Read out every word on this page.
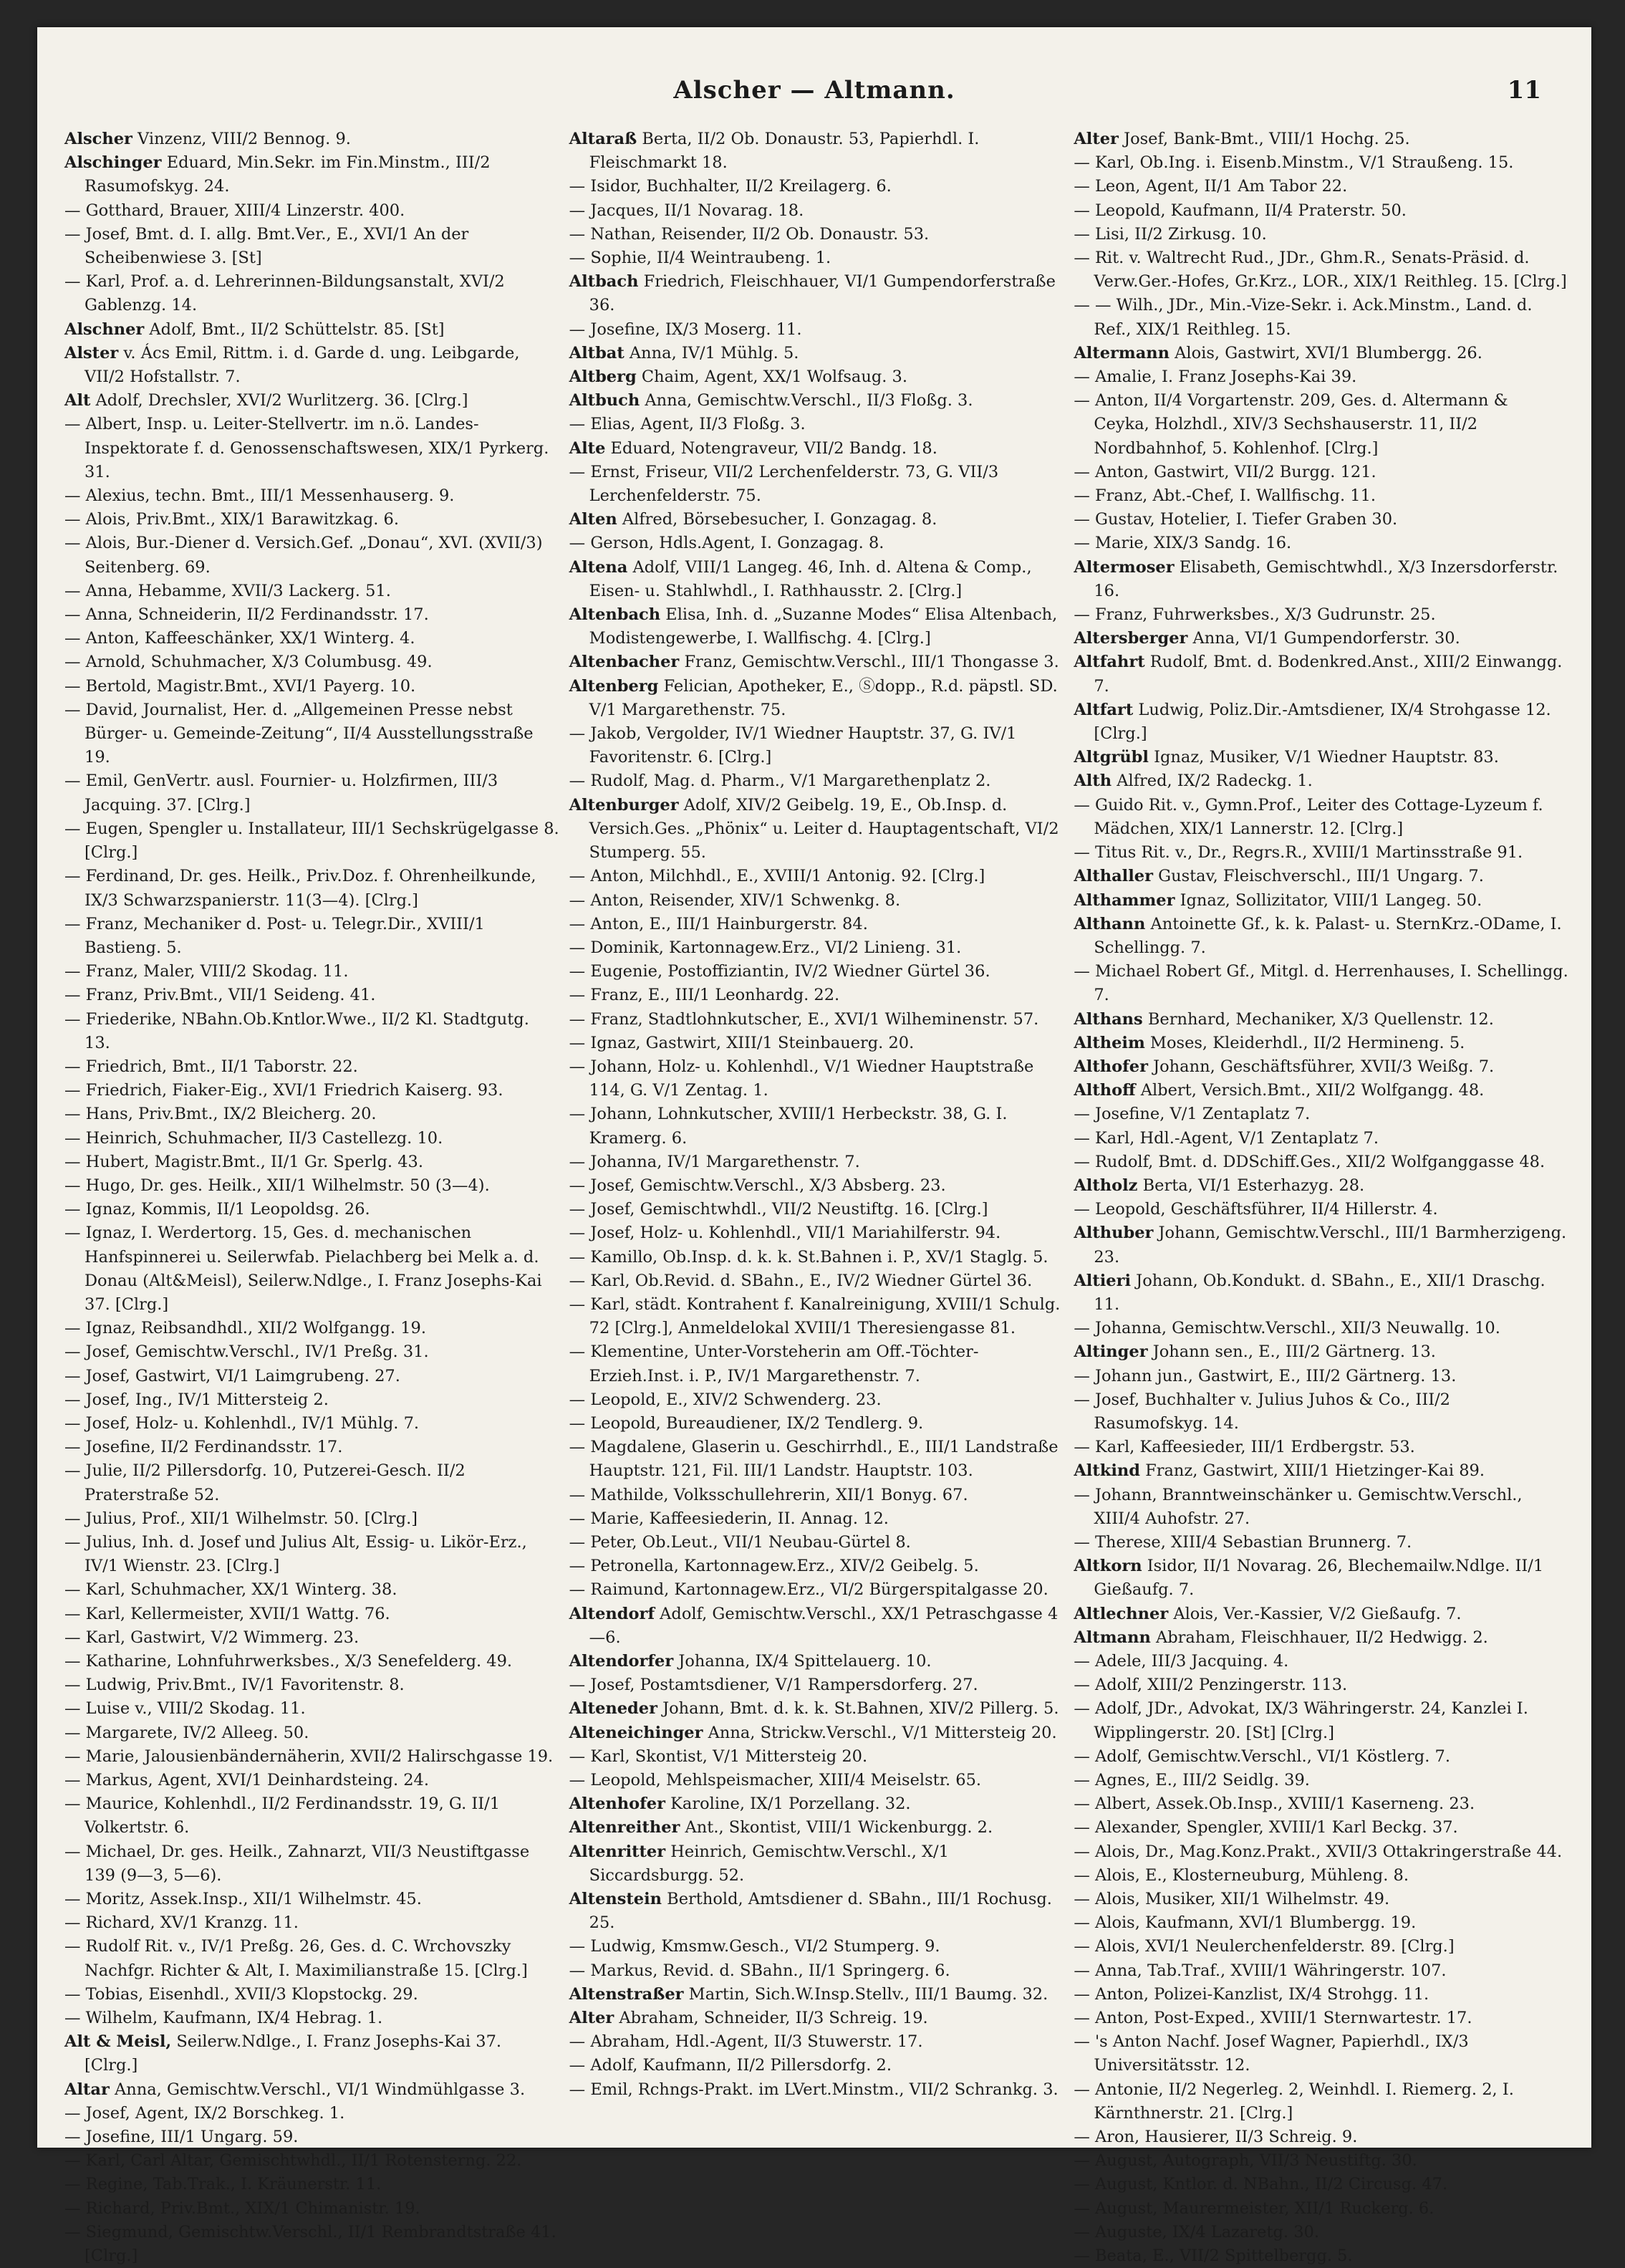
Alscher — Altmann.	11

Alscher Vinzenz, VIII/2 Bennog. 9.

Alschinger Eduard, Min.Sekr. im Fin.Minstm., III/2 Rasumofskyg. 24.

— Gotthard, Brauer, XIII/4 Linzerstr. 400.

— Josef, Bmt. d. I. allg. Bmt.Ver., E., XVI/1 An der Scheibenwiese 3. [St]

— Karl, Prof. a. d. Lehrerinnen-Bildungsanstalt, XVI/2 Gablenzg. 14.

Alschner Adolf, Bmt., II/2 Schüttelstr. 85. [St]

Alster v. Ács Emil, Rittm. i. d. Garde d. ung. Leibgarde, VII/2 Hofstallstr. 7.

Alt Adolf, Drechsler, XVI/2 Wurlitzerg. 36. [Clrg.]

— Albert, Insp. u. Leiter-Stellvertr. im n.ö. Landes-Inspektorate f. d. Genossenschaftswesen, XIX/1 Pyrkerg. 31.

— Alexius, techn. Bmt., III/1 Messenhauserg. 9.

— Alois, Priv.Bmt., XIX/1 Barawitzkag. 6.

— Alois, Bur.-Diener d. Versich.Gef. „Donau“, XVI. (XVII/3) Seitenberg. 69.

— Anna, Hebamme, XVII/3 Lackerg. 51.

— Anna, Schneiderin, II/2 Ferdinandsstr. 17.

— Anton, Kaffeeschänker, XX/1 Winterg. 4.

— Arnold, Schuhmacher, X/3 Columbusg. 49.

— Bertold, Magistr.Bmt., XVI/1 Payerg. 10.

— David, Journalist, Her. d. „Allgemeinen Presse nebst Bürger- u. Gemeinde-Zeitung“, II/4 Ausstellungsstraße 19.

— Emil, GenVertr. ausl. Fournier- u. Holzfirmen, III/3 Jacquing. 37. [Clrg.]

— Eugen, Spengler u. Installateur, III/1 Sechskrügelgasse 8. [Clrg.]

— Ferdinand, Dr. ges. Heilk., Priv.Doz. f. Ohrenheilkunde, IX/3 Schwarzspanierstr. 11(3—4). [Clrg.]

— Franz, Mechaniker d. Post- u. Telegr.Dir., XVIII/1 Bastieng. 5.

— Franz, Maler, VIII/2 Skodag. 11.

— Franz, Priv.Bmt., VII/1 Seideng. 41.

— Friederike, NBahn.Ob.Kntlor.Wwe., II/2 Kl. Stadtgutg. 13.

— Friedrich, Bmt., II/1 Taborstr. 22.

— Friedrich, Fiaker-Eig., XVI/1 Friedrich Kaiserg. 93.

— Hans, Priv.Bmt., IX/2 Bleicherg. 20.

— Heinrich, Schuhmacher, II/3 Castellezg. 10.

— Hubert, Magistr.Bmt., II/1 Gr. Sperlg. 43.

— Hugo, Dr. ges. Heilk., XII/1 Wilhelmstr. 50 (3—4).

— Ignaz, Kommis, II/1 Leopoldsg. 26.

— Ignaz, I. Werdertorg. 15, Ges. d. mechanischen Hanfspinnerei u. Seilerwfab. Pielachberg bei Melk a. d. Donau (Alt&Meisl), Seilerw.Ndlge., I. Franz Josephs-Kai 37. [Clrg.]

— Ignaz, Reibsandhdl., XII/2 Wolfgangg. 19.

— Josef, Gemischtw.Verschl., IV/1 Preßg. 31.

— Josef, Gastwirt, VI/1 Laimgrubeng. 27.

— Josef, Ing., IV/1 Mittersteig 2.

— Josef, Holz- u. Kohlenhdl., IV/1 Mühlg. 7.

— Josefine, II/2 Ferdinandsstr. 17.

— Julie, II/2 Pillersdorfg. 10, Putzerei-Gesch. II/2 Praterstraße 52.

— Julius, Prof., XII/1 Wilhelmstr. 50. [Clrg.]

— Julius, Inh. d. Josef und Julius Alt, Essig- u. Likör-Erz., IV/1 Wienstr. 23. [Clrg.]

— Karl, Schuhmacher, XX/1 Winterg. 38.

— Karl, Kellermeister, XVII/1 Wattg. 76.

— Karl, Gastwirt, V/2 Wimmerg. 23.

— Katharine, Lohnfuhrwerksbes., X/3 Senefelderg. 49.

— Ludwig, Priv.Bmt., IV/1 Favoritenstr. 8.

— Luise v., VIII/2 Skodag. 11.

— Margarete, IV/2 Alleeg. 50.

— Marie, Jalousienbändernäherin, XVII/2 Halirschgasse 19.

— Markus, Agent, XVI/1 Deinhardsteing. 24.

— Maurice, Kohlenhdl., II/2 Ferdinandsstr. 19, G. II/1 Volkertstr. 6.

— Michael, Dr. ges. Heilk., Zahnarzt, VII/3 Neustiftgasse 139 (9—3, 5—6).

— Moritz, Assek.Insp., XII/1 Wilhelmstr. 45.

— Richard, XV/1 Kranzg. 11.

— Rudolf Rit. v., IV/1 Preßg. 26, Ges. d. C. Wrchovszky Nachfgr. Richter & Alt, I. Maximilianstraße 15. [Clrg.]

— Tobias, Eisenhdl., XVII/3 Klopstockg. 29.

— Wilhelm, Kaufmann, IX/4 Hebrag. 1.

Alt & Meisl, Seilerw.Ndlge., I. Franz Josephs-Kai 37. [Clrg.]

Altar Anna, Gemischtw.Verschl., VI/1 Windmühlgasse 3.

— Josef, Agent, IX/2 Borschkeg. 1.

— Josefine, III/1 Ungarg. 59.

— Karl, Carl Altar, Gemischtwhdl., II/1 Rotensterng. 22.

— Regine, Tab.Trak., I. Kräunerstr. 11.

— Richard, Priv.Bmt., XIX/1 Chimanistr. 19.

— Siegmund, Gemischtw.Verschl., II/1 Rembrandtstraße 41. [Clrg.]

Altaraß Berta, II/2 Ob. Donaustr. 53, Papierhdl. I. Fleischmarkt 18.

— Isidor, Buchhalter, II/2 Kreilagerg. 6.

— Jacques, II/1 Novarag. 18.

— Nathan, Reisender, II/2 Ob. Donaustr. 53.

— Sophie, II/4 Weintraubeng. 1.

Altbach Friedrich, Fleischhauer, VI/1 Gumpendorferstraße 36.

— Josefine, IX/3 Moserg. 11.

Altbat Anna, IV/1 Mühlg. 5.

Altberg Chaim, Agent, XX/1 Wolfsaug. 3.

Altbuch Anna, Gemischtw.Verschl., II/3 Floßg. 3.

— Elias, Agent, II/3 Floßg. 3.

Alte Eduard, Notengraveur, VII/2 Bandg. 18.

— Ernst, Friseur, VII/2 Lerchenfelderstr. 73, G. VII/3 Lerchenfelderstr. 75.

Alten Alfred, Börsebesucher, I. Gonzagag. 8.

— Gerson, Hdls.Agent, I. Gonzagag. 8.

Altena Adolf, VIII/1 Langeg. 46, Inh. d. Altena & Comp., Eisen- u. Stahlwhdl., I. Rathhausstr. 2. [Clrg.]

Altenbach Elisa, Inh. d. „Suzanne Modes“ Elisa Altenbach, Modistengewerbe, I. Wallfischg. 4. [Clrg.]

Altenbacher Franz, Gemischtw.Verschl., III/1 Thongasse 3.

Altenberg Felician, Apotheker, E., Ⓢdopp., R.d. päpstl. SD. V/1 Margarethenstr. 75.

— Jakob, Vergolder, IV/1 Wiedner Hauptstr. 37, G. IV/1 Favoritenstr. 6. [Clrg.]

— Rudolf, Mag. d. Pharm., V/1 Margarethenplatz 2.

Altenburger Adolf, XIV/2 Geibelg. 19, E., Ob.Insp. d. Versich.Ges. „Phönix“ u. Leiter d. Hauptagentschaft, VI/2 Stumperg. 55.

— Anton, Milchhdl., E., XVIII/1 Antonig. 92. [Clrg.]

— Anton, Reisender, XIV/1 Schwenkg. 8.

— Anton, E., III/1 Hainburgerstr. 84.

— Dominik, Kartonnagew.Erz., VI/2 Linieng. 31.

— Eugenie, Postoffiziantin, IV/2 Wiedner Gürtel 36.

— Franz, E., III/1 Leonhardg. 22.

— Franz, Stadtlohnkutscher, E., XVI/1 Wilheminenstr. 57.

— Ignaz, Gastwirt, XIII/1 Steinbauerg. 20.

— Johann, Holz- u. Kohlenhdl., V/1 Wiedner Hauptstraße 114, G. V/1 Zentag. 1.

— Johann, Lohnkutscher, XVIII/1 Herbeckstr. 38, G. I. Kramerg. 6.

— Johanna, IV/1 Margarethenstr. 7.

— Josef, Gemischtw.Verschl., X/3 Absberg. 23.

— Josef, Gemischtwhdl., VII/2 Neustiftg. 16. [Clrg.]

— Josef, Holz- u. Kohlenhdl., VII/1 Mariahilferstr. 94.

— Kamillo, Ob.Insp. d. k. k. St.Bahnen i. P., XV/1 Staglg. 5.

— Karl, Ob.Revid. d. SBahn., E., IV/2 Wiedner Gürtel 36.

— Karl, städt. Kontrahent f. Kanalreinigung, XVIII/1 Schulg. 72 [Clrg.], Anmeldelokal XVIII/1 Theresiengasse 81.

— Klementine, Unter-Vorsteherin am Off.-Töchter-Erzieh.Inst. i. P., IV/1 Margarethenstr. 7.

— Leopold, E., XIV/2 Schwenderg. 23.

— Leopold, Bureaudiener, IX/2 Tendlerg. 9.

— Magdalene, Glaserin u. Geschirrhdl., E., III/1 Landstraße Hauptstr. 121, Fil. III/1 Landstr. Hauptstr. 103.

— Mathilde, Volksschullehrerin, XII/1 Bonyg. 67.

— Marie, Kaffeesiederin, II. Annag. 12.

— Peter, Ob.Leut., VII/1 Neubau-Gürtel 8.

— Petronella, Kartonnagew.Erz., XIV/2 Geibelg. 5.

— Raimund, Kartonnagew.Erz., VI/2 Bürgerspitalgasse 20.

Altendorf Adolf, Gemischtw.Verschl., XX/1 Petraschgasse 4—6.

Altendorfer Johanna, IX/4 Spittelauerg. 10.

— Josef, Postamtsdiener, V/1 Rampersdorferg. 27.

Alteneder Johann, Bmt. d. k. k. St.Bahnen, XIV/2 Pillerg. 5.

Alteneichinger Anna, Strickw.Verschl., V/1 Mittersteig 20.

— Karl, Skontist, V/1 Mittersteig 20.

— Leopold, Mehlspeismacher, XIII/4 Meiselstr. 65.

Altenhofer Karoline, IX/1 Porzellang. 32.

Altenreither Ant., Skontist, VIII/1 Wickenburgg. 2.

Altenritter Heinrich, Gemischtw.Verschl., X/1 Siccardsburgg. 52.

Altenstein Berthold, Amtsdiener d. SBahn., III/1 Rochusg. 25.

— Ludwig, Kmsmw.Gesch., VI/2 Stumperg. 9.

— Markus, Revid. d. SBahn., II/1 Springerg. 6.

Altenstraßer Martin, Sich.W.Insp.Stellv., III/1 Baumg. 32.

Alter Abraham, Schneider, II/3 Schreig. 19.

— Abraham, Hdl.-Agent, II/3 Stuwerstr. 17.

— Adolf, Kaufmann, II/2 Pillersdorfg. 2.

— Emil, Rchngs-Prakt. im LVert.Minstm., VII/2 Schrankg. 3.

Alter Josef, Bank-Bmt., VIII/1 Hochg. 25.

— Karl, Ob.Ing. i. Eisenb.Minstm., V/1 Straußeng. 15.

— Leon, Agent, II/1 Am Tabor 22.

— Leopold, Kaufmann, II/4 Praterstr. 50.

— Lisi, II/2 Zirkusg. 10.

— Rit. v. Waltrecht Rud., JDr., Ghm.R., Senats-Präsid. d. Verw.Ger.-Hofes, Gr.Krz., LOR., XIX/1 Reithleg. 15. [Clrg.]

— — Wilh., JDr., Min.-Vize-Sekr. i. Ack.Minstm., Land. d. Ref., XIX/1 Reithleg. 15.

Altermann Alois, Gastwirt, XVI/1 Blumbergg. 26.

— Amalie, I. Franz Josephs-Kai 39.

— Anton, II/4 Vorgartenstr. 209, Ges. d. Altermann & Ceyka, Holzhdl., XIV/3 Sechshauserstr. 11, II/2 Nordbahnhof, 5. Kohlenhof. [Clrg.]

— Anton, Gastwirt, VII/2 Burgg. 121.

— Franz, Abt.-Chef, I. Wallfischg. 11.

— Gustav, Hotelier, I. Tiefer Graben 30.

— Marie, XIX/3 Sandg. 16.

Altermoser Elisabeth, Gemischtwhdl., X/3 Inzersdorferstr. 16.

— Franz, Fuhrwerksbes., X/3 Gudrunstr. 25.

Altersberger Anna, VI/1 Gumpendorferstr. 30.

Altfahrt Rudolf, Bmt. d. Bodenkred.Anst., XIII/2 Einwangg. 7.

Altfart Ludwig, Poliz.Dir.-Amtsdiener, IX/4 Strohgasse 12. [Clrg.]

Altgrübl Ignaz, Musiker, V/1 Wiedner Hauptstr. 83.

Alth Alfred, IX/2 Radeckg. 1.

— Guido Rit. v., Gymn.Prof., Leiter des Cottage-Lyzeum f. Mädchen, XIX/1 Lannerstr. 12. [Clrg.]

— Titus Rit. v., Dr., Regrs.R., XVIII/1 Martinsstraße 91.

Althaller Gustav, Fleischverschl., III/1 Ungarg. 7.

Althammer Ignaz, Sollizitator, VIII/1 Langeg. 50.

Althann Antoinette Gf., k. k. Palast- u. SternKrz.-ODame, I. Schellingg. 7.

— Michael Robert Gf., Mitgl. d. Herrenhauses, I. Schellingg. 7.

Althans Bernhard, Mechaniker, X/3 Quellenstr. 12.

Altheim Moses, Kleiderhdl., II/2 Hermineng. 5.

Althofer Johann, Geschäftsführer, XVII/3 Weißg. 7.

Althoff Albert, Versich.Bmt., XII/2 Wolfgangg. 48.

— Josefine, V/1 Zentaplatz 7.

— Karl, Hdl.-Agent, V/1 Zentaplatz 7.

— Rudolf, Bmt. d. DDSchiff.Ges., XII/2 Wolfganggasse 48.

Altholz Berta, VI/1 Esterhazyg. 28.

— Leopold, Geschäftsführer, II/4 Hillerstr. 4.

Althuber Johann, Gemischtw.Verschl., III/1 Barmherzigeng. 23.

Altieri Johann, Ob.Kondukt. d. SBahn., E., XII/1 Draschg. 11.

— Johanna, Gemischtw.Verschl., XII/3 Neuwallg. 10.

Altinger Johann sen., E., III/2 Gärtnerg. 13.

— Johann jun., Gastwirt, E., III/2 Gärtnerg. 13.

— Josef, Buchhalter v. Julius Juhos & Co., III/2 Rasumofskyg. 14.

— Karl, Kaffeesieder, III/1 Erdbergstr. 53.

Altkind Franz, Gastwirt, XIII/1 Hietzinger-Kai 89.

— Johann, Branntweinschänker u. Gemischtw.Verschl., XIII/4 Auhofstr. 27.

— Therese, XIII/4 Sebastian Brunnerg. 7.

Altkorn Isidor, II/1 Novarag. 26, Blechemailw.Ndlge. II/1 Gießaufg. 7.

Altlechner Alois, Ver.-Kassier, V/2 Gießaufg. 7.

Altmann Abraham, Fleischhauer, II/2 Hedwigg. 2.

— Adele, III/3 Jacquing. 4.

— Adolf, XIII/2 Penzingerstr. 113.

— Adolf, JDr., Advokat, IX/3 Währingerstr. 24, Kanzlei I. Wipplingerstr. 20. [St] [Clrg.]

— Adolf, Gemischtw.Verschl., VI/1 Köstlerg. 7.

— Agnes, E., III/2 Seidlg. 39.

— Albert, Assek.Ob.Insp., XVIII/1 Kaserneng. 23.

— Alexander, Spengler, XVIII/1 Karl Beckg. 37.

— Alois, Dr., Mag.Konz.Prakt., XVII/3 Ottakringerstraße 44.

— Alois, E., Klosterneuburg, Mühleng. 8.

— Alois, Musiker, XII/1 Wilhelmstr. 49.

— Alois, Kaufmann, XVI/1 Blumbergg. 19.

— Alois, XVI/1 Neulerchenfelderstr. 89. [Clrg.]

— Anna, Tab.Traf., XVIII/1 Währingerstr. 107.

— Anton, Polizei-Kanzlist, IX/4 Strohgg. 11.

— Anton, Post-Exped., XVIII/1 Sternwartestr. 17.

— 's Anton Nachf. Josef Wagner, Papierhdl., IX/3 Universitätsstr. 12.

— Antonie, II/2 Negerleg. 2, Weinhdl. I. Riemerg. 2, I. Kärnthnerstr. 21. [Clrg.]

— Aron, Hausierer, II/3 Schreig. 9.

— August, Autograph, VII/3 Neustiftg. 30.

— August, Kntlor. d. NBahn., II/2 Circusg. 47.

— August, Maurermeister, XII/1 Ruckerg. 6.

— Auguste, IX/4 Lazaretg. 30.

— Beata, E., VII/2 Spittelbergg. 5.
